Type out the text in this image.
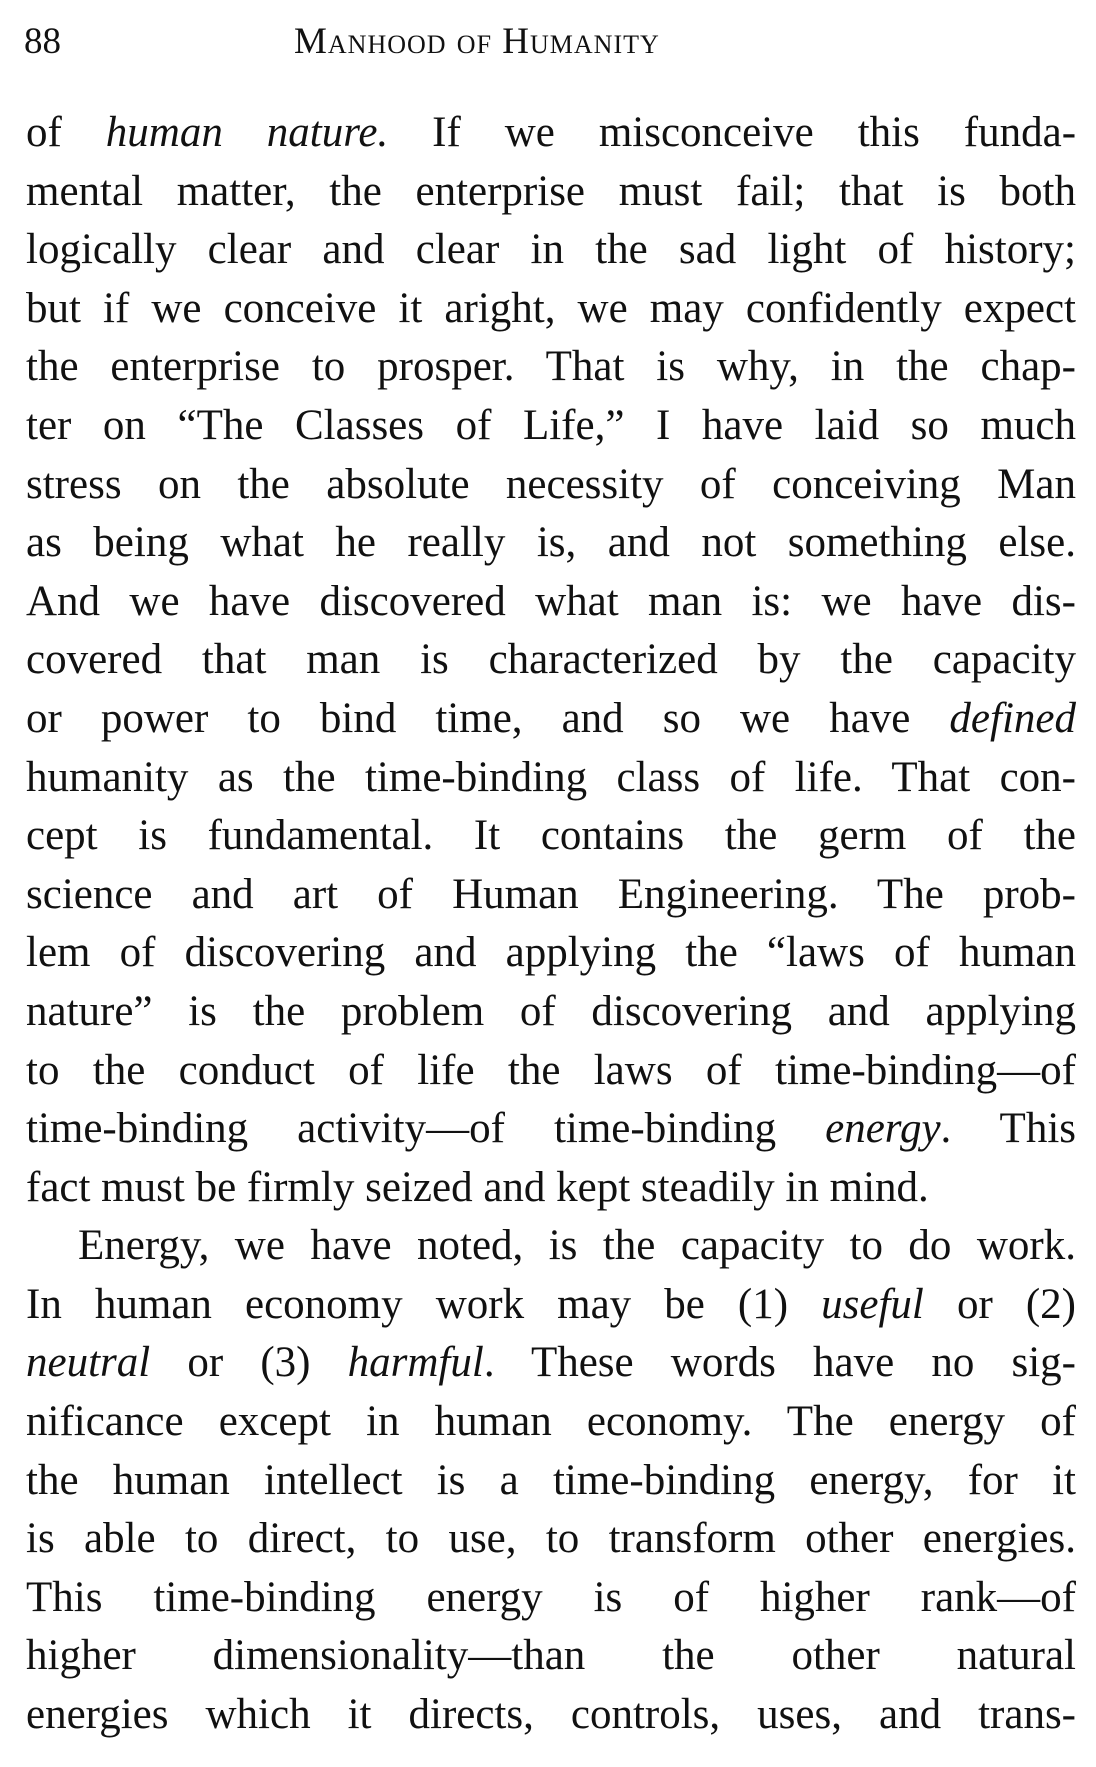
88	Manhood of Humanity
of human nature. If we misconceive this funda-
mental matter, the enterprise must fail; that is both
logically clear and clear in the sad light of history;
but if we conceive it aright, we may confidently expect
the enterprise to prosper. That is why, in the chap-
ter on “The Classes of Life,” I have laid so much
stress on the absolute necessity of conceiving Man
as being what he really is, and not something else.
And we have discovered what man is: we have dis-
covered that man is characterized by the capacity
or power to bind time, and so we have defined
humanity as the time-binding class of life. That con-
cept is fundamental. It contains the germ of the
science and art of Human Engineering. The prob-
lem of discovering and applying the “laws of human
nature” is the problem of discovering and applying
to the conduct of life the laws of time-binding—of
time-binding activity—of time-binding energy. This
fact must be firmly seized and kept steadily in mind.
Energy, we have noted, is the capacity to do work.
In human economy work may be (1) useful or (2)
neutral or (3) harmful. These words have no sig-
nificance except in human economy. The energy of
the human intellect is a time-binding energy, for it
is able to direct, to use, to transform other energies.
This time-binding energy is of higher rank—of
higher dimensionality—than the other natural
energies which it directs, controls, uses, and trans-
